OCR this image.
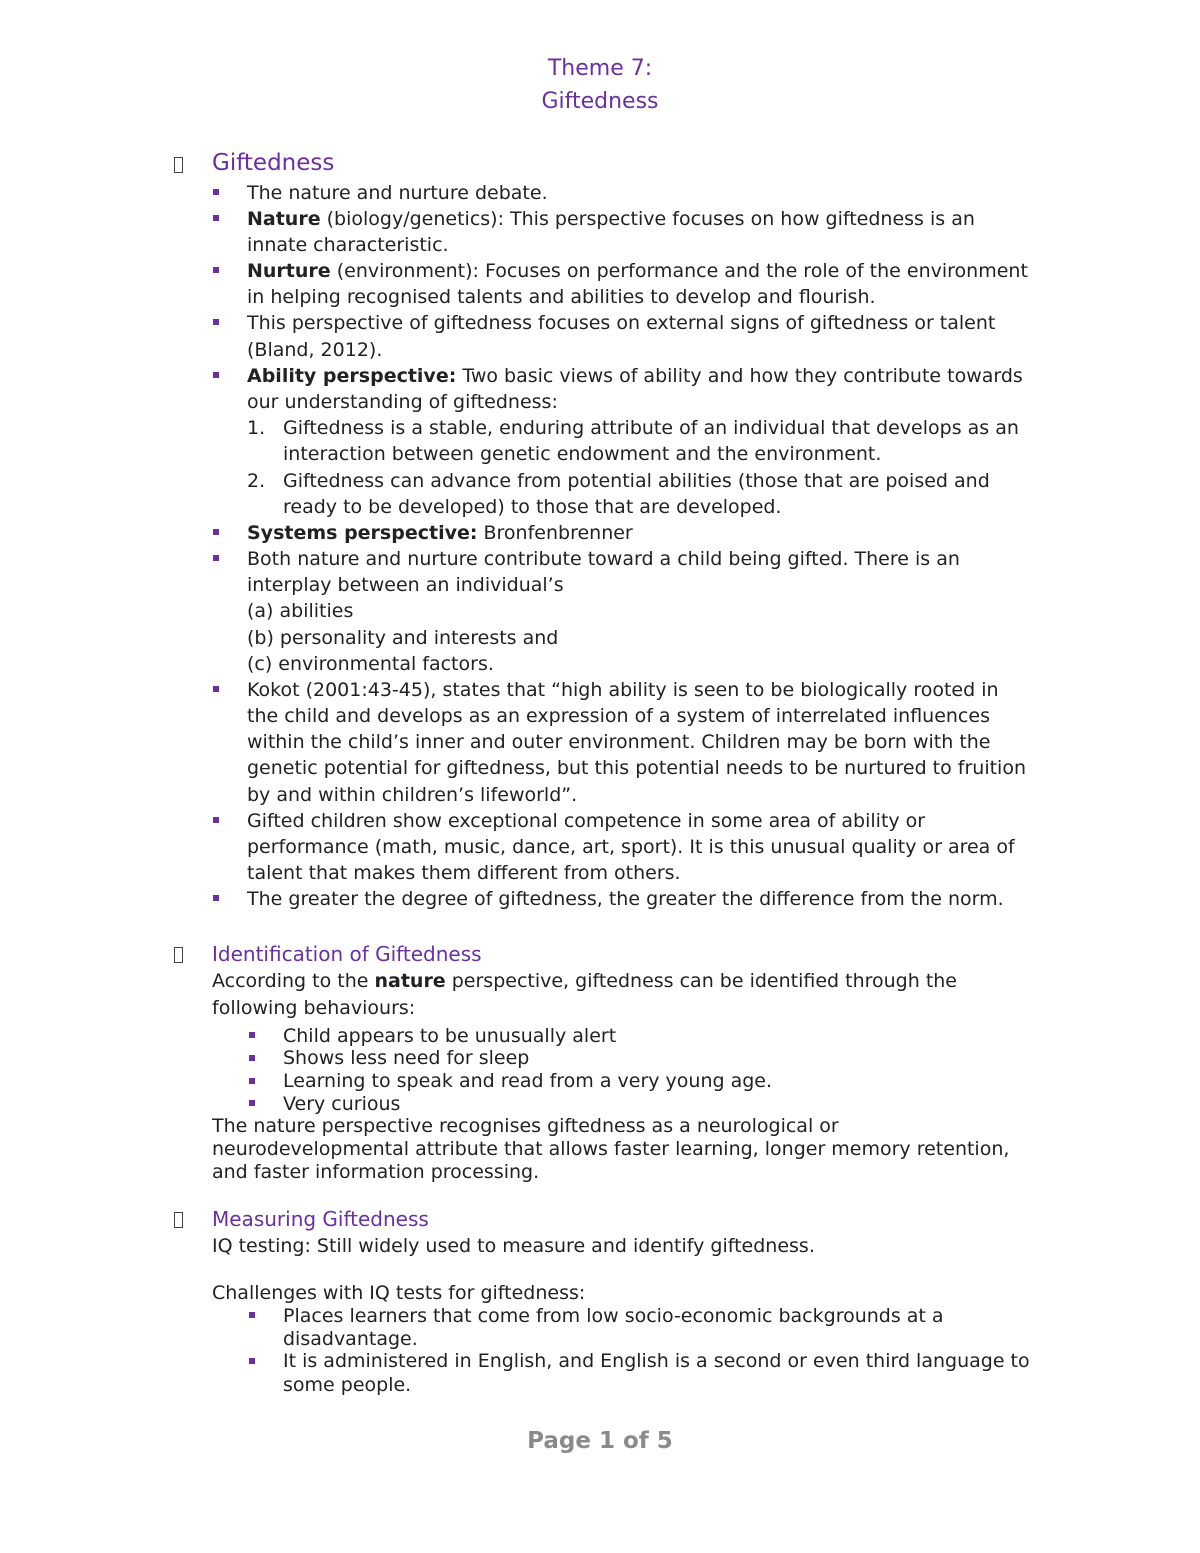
Theme 7:
Giftedness
Giftedness
The nature and nurture debate.
Nature (biology/genetics): This perspective focuses on how giftedness is an
innate characteristic.
Nurture (environment): Focuses on performance and the role of the environment
in helping recognised talents and abilities to develop and flourish.
This perspective of giftedness focuses on external signs of giftedness or talent
(Bland, 2012).
Ability perspective: Two basic views of ability and how they contribute towards
our understanding of giftedness:
1. Giftedness is a stable, enduring attribute of an individual that develops as an
interaction between genetic endowment and the environment.
2. Giftedness can advance from potential abilities (those that are poised and
ready to be developed) to those that are developed.
Systems perspective: Bronfenbrenner
Both nature and nurture contribute toward a child being gifted. There is an
interplay between an individual’s
(a) abilities
(b) personality and interests and
(c) environmental factors.
Kokot (2001:43-45), states that “high ability is seen to be biologically rooted in
the child and develops as an expression of a system of interrelated influences
within the child’s inner and outer environment. Children may be born with the
genetic potential for giftedness, but this potential needs to be nurtured to fruition
by and within children’s lifeworld”.
Gifted children show exceptional competence in some area of ability or
performance (math, music, dance, art, sport). It is this unusual quality or area of
talent that makes them different from others.
The greater the degree of giftedness, the greater the difference from the norm.
Identification of Giftedness
According to the nature perspective, giftedness can be identified through the
following behaviours:
Child appears to be unusually alert
Shows less need for sleep
Learning to speak and read from a very young age.
Very curious
The nature perspective recognises giftedness as a neurological or
neurodevelopmental attribute that allows faster learning, longer memory retention,
and faster information processing.
Measuring Giftedness
IQ testing: Still widely used to measure and identify giftedness.
Challenges with IQ tests for giftedness:
Places learners that come from low socio-economic backgrounds at a
disadvantage.
It is administered in English, and English is a second or even third language to
some people.
Page 1 of 5
